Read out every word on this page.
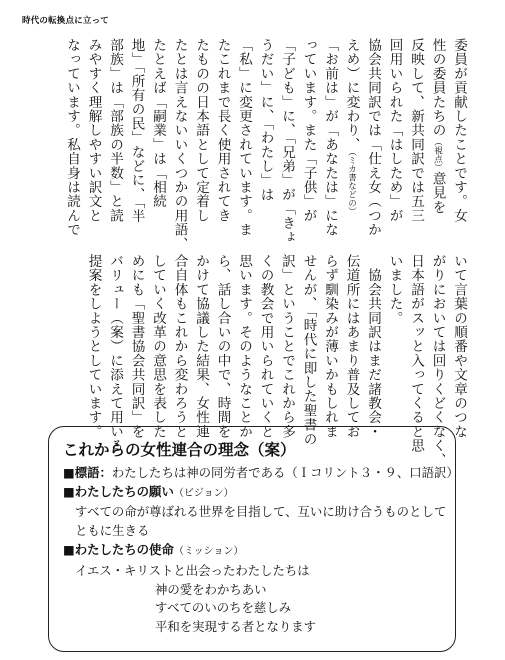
時代の転換点に立って
委員が貢献したことです。女
性の委員たちの（視点）意見を
反映して、新共同訳では五三
回用いられた「はしため」が
協会共同訳では「仕え女（つか
えめ）に変わり、（ミカ書などの）
「お前は」が「あなたは」にな
っています。また「子供」が
「子ども」に、「兄弟」が「きょ
うだい」に、「わたし」は
「私」に変更されています。ま
たこれまで長く使用されてき
たものの日本語として定着し
たとは言えないいくつかの用語、
たとえば「嗣業」は「相続
地」「所有の民」などに、「半
部族」は「部族の半数」と読
みやすく理解しやすい訳文と
なっています。私自身は読んで
いて言葉の順番や文章のつな
がりにおいては回りくどくなく、
日本語がスッと入ってくると思
いました。
　協会共同訳はまだ諸教会・
伝道所にはあまり普及してお
らず馴染みが薄いかもしれま
せんが、「時代に即した聖書の
訳」ということでこれから多
くの教会で用いられていくと
思います。そのようなことか
ら、話し合いの中で、時間を
かけて協議した結果、女性連
合自体もこれから変わろうと
していく改革の意思を表した
めにも「聖書協会共同訳」を
バリュー（案）に添えて用いる
提案をしようとしています。
これからの女性連合の理念（案）
■標語：わたしたちは神の同労者である（Ｉコリント３・９、口語訳）
■わたしたちの願い（ビジョン）
すべての命が尊ばれる世界を目指して、互いに助け合うものとして
ともに生きる
■わたしたちの使命（ミッション）
イエス・キリストと出会ったわたしたちは
神の愛をわかちあい
すべてのいのちを慈しみ
平和を実現する者となります
